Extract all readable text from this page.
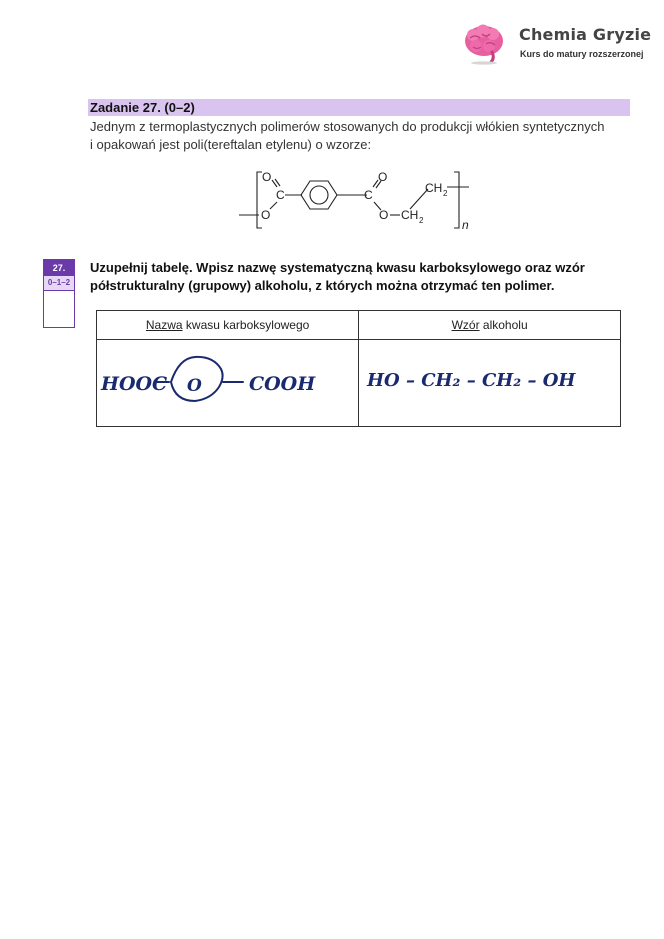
Chemia Gryzie
Kurs do matury rozszerzonej
Zadanie 27. (0–2)
Jednym z termoplastycznych polimerów stosowanych do produkcji włókien syntetycznych
i opakowań jest poli(tereftalan etylenu) o wzorze:
O
O
C
O
C
O CH 2
CH 2
n
27.
0–1–2
Uzupełnij tabelę. Wpisz nazwę systematyczną kwasu karboksylowego oraz wzór
półstrukturalny (grupowy) alkoholu, z których można otrzymać ten polimer.
Nazwa kwasu karboksylowego	Wzór alkoholu

HOOC O COOH	HO – CH₂ – CH₂ – OH
